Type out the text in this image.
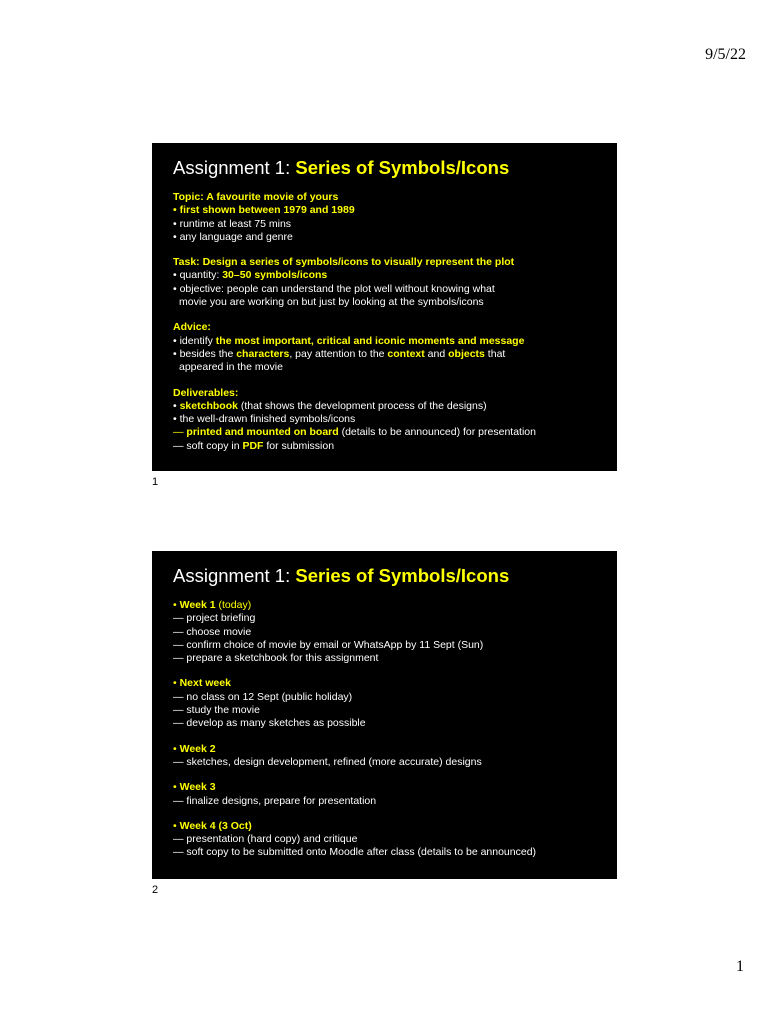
9/5/22
Assignment 1: Series of Symbols/Icons
Topic: A favourite movie of yours
• first shown between 1979 and 1989
• runtime at least 75 mins
• any language and genre
Task: Design a series of symbols/icons to visually represent the plot
• quantity: 30–50 symbols/icons
• objective: people can understand the plot well without knowing what
movie you are working on but just by looking at the symbols/icons
Advice:
• identify the most important, critical and iconic moments and message
• besides the characters, pay attention to the context and objects that
appeared in the movie
Deliverables:
• sketchbook (that shows the development process of the designs)
• the well-drawn finished symbols/icons
— printed and mounted on board (details to be announced) for presentation
— soft copy in PDF for submission
1
Assignment 1: Series of Symbols/Icons
• Week 1 (today)
— project briefing
— choose movie
— confirm choice of movie by email or WhatsApp by 11 Sept (Sun)
— prepare a sketchbook for this assignment
• Next week
— no class on 12 Sept (public holiday)
— study the movie
— develop as many sketches as possible
• Week 2
— sketches, design development, refined (more accurate) designs
• Week 3
— finalize designs, prepare for presentation
• Week 4 (3 Oct)
— presentation (hard copy) and critique
— soft copy to be submitted onto Moodle after class (details to be announced)
2
1
